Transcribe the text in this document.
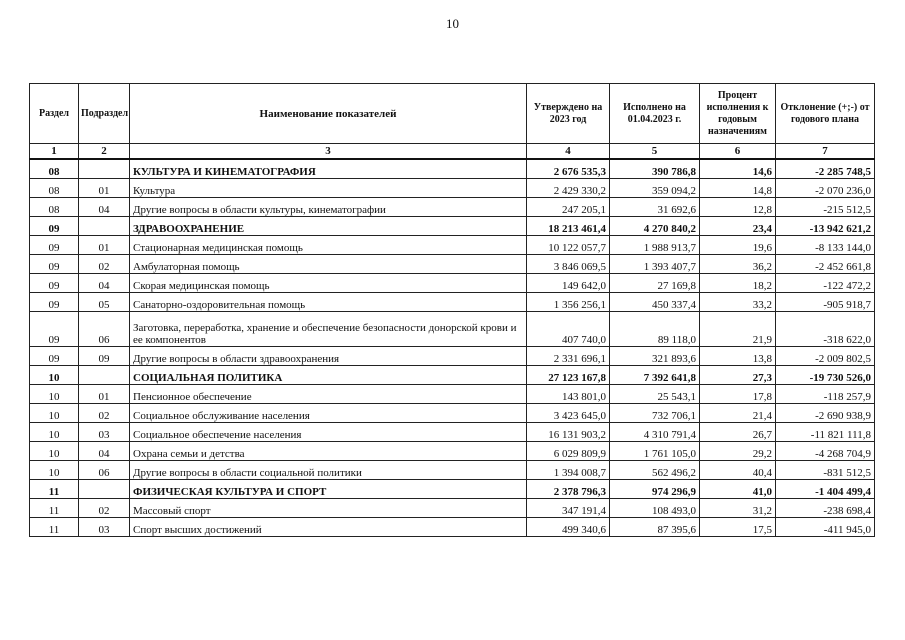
10
Раздел	Подраздел	Наименование показателей	Утверждено на 2023 год	Исполнено на 01.04.2023 г.	Процент исполнения к годовым назначениям	Отклонение (+;-) от годового плана
1	2	3	4	5	6	7
08		КУЛЬТУРА И КИНЕМАТОГРАФИЯ	2 676 535,3	390 786,8	14,6	-2 285 748,5
08	01	Культура	2 429 330,2	359 094,2	14,8	-2 070 236,0
08	04	Другие вопросы в области культуры, кинематографии	247 205,1	31 692,6	12,8	-215 512,5
09		ЗДРАВООХРАНЕНИЕ	18 213 461,4	4 270 840,2	23,4	-13 942 621,2
09	01	Стационарная медицинская помощь	10 122 057,7	1 988 913,7	19,6	-8 133 144,0
09	02	Амбулаторная помощь	3 846 069,5	1 393 407,7	36,2	-2 452 661,8
09	04	Скорая медицинская помощь	149 642,0	27 169,8	18,2	-122 472,2
09	05	Санаторно-оздоровительная помощь	1 356 256,1	450 337,4	33,2	-905 918,7
09	06	Заготовка, переработка, хранение и обеспечение безопасности донорской крови и ее компонентов	407 740,0	89 118,0	21,9	-318 622,0
09	09	Другие вопросы в области здравоохранения	2 331 696,1	321 893,6	13,8	-2 009 802,5
10		СОЦИАЛЬНАЯ ПОЛИТИКА	27 123 167,8	7 392 641,8	27,3	-19 730 526,0
10	01	Пенсионное обеспечение	143 801,0	25 543,1	17,8	-118 257,9
10	02	Социальное обслуживание населения	3 423 645,0	732 706,1	21,4	-2 690 938,9
10	03	Социальное обеспечение населения	16 131 903,2	4 310 791,4	26,7	-11 821 111,8
10	04	Охрана семьи и детства	6 029 809,9	1 761 105,0	29,2	-4 268 704,9
10	06	Другие вопросы в области социальной политики	1 394 008,7	562 496,2	40,4	-831 512,5
11		ФИЗИЧЕСКАЯ КУЛЬТУРА И СПОРТ	2 378 796,3	974 296,9	41,0	-1 404 499,4
11	02	Массовый спорт	347 191,4	108 493,0	31,2	-238 698,4
11	03	Спорт высших достижений	499 340,6	87 395,6	17,5	-411 945,0
